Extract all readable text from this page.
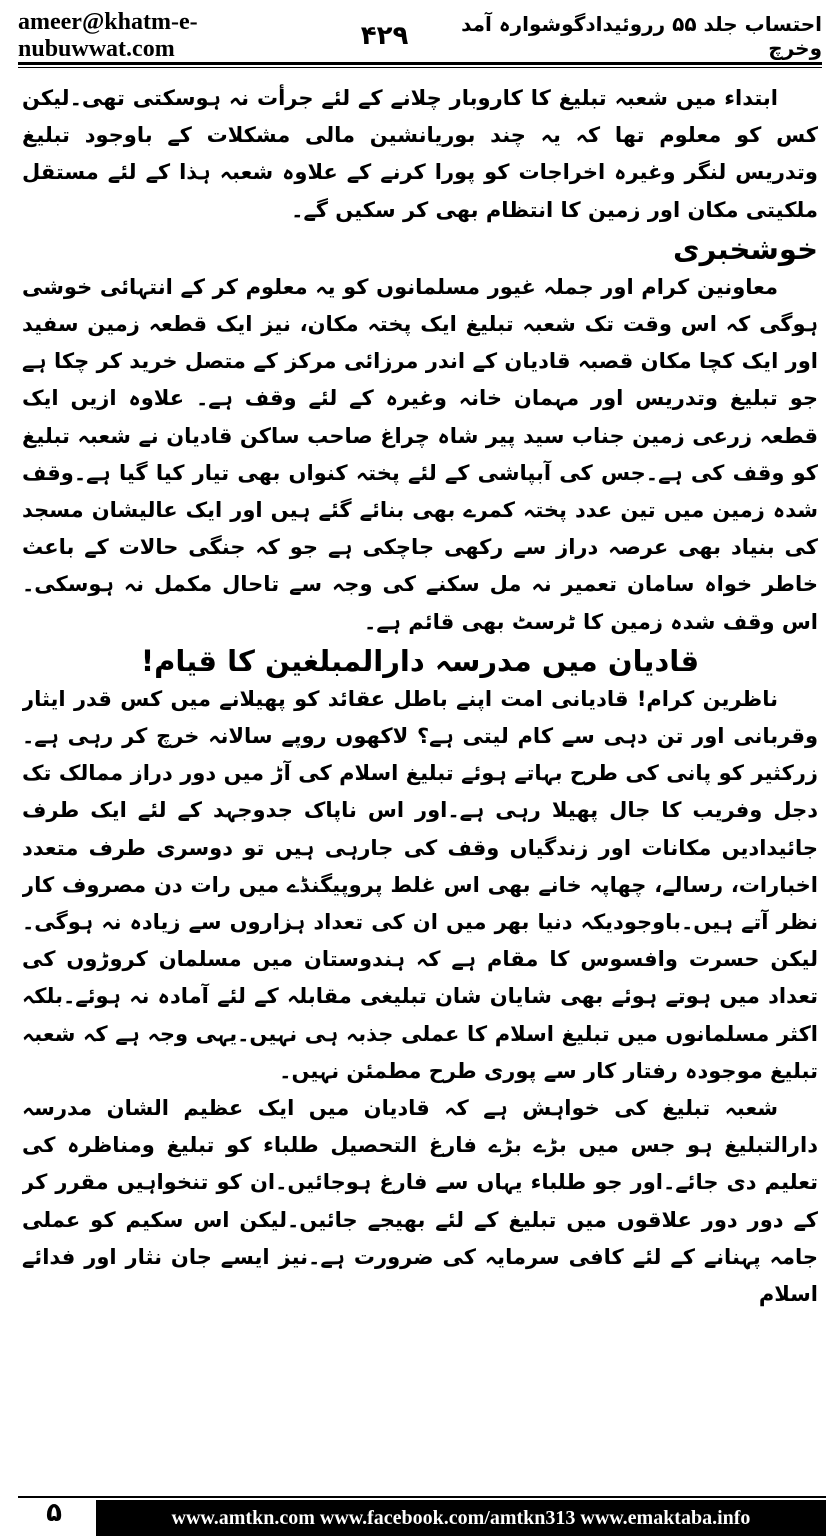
ameer@khatm-e-nubuwwat.com	۴۲۹	احتساب جلد ۵۵ رروئیدادگوشوارہ آمد وخرچ

ابتداء میں شعبہ تبلیغ کا کاروبار چلانے کے لئے جرأت نہ ہوسکتی تھی۔لیکن کس کو معلوم تھا کہ یہ چند بوریانشین مالی مشکلات کے باوجود تبلیغ وتدریس لنگر وغیرہ اخراجات کو پورا کرنے کے علاوہ شعبہ ہذا کے لئے مستقل ملکیتی مکان اور زمین کا انتظام بھی کر سکیں گے۔

خوشخبری

معاونین کرام اور جملہ غیور مسلمانوں کو یہ معلوم کر کے انتہائی خوشی ہوگی کہ اس وقت تک شعبہ تبلیغ ایک پختہ مکان، نیز ایک قطعہ زمین سفید اور ایک کچا مکان قصبہ قادیان کے اندر مرزائی مرکز کے متصل خرید کر چکا ہے جو تبلیغ وتدریس اور مہمان خانہ وغیرہ کے لئے وقف ہے۔ علاوہ ازیں ایک قطعہ زرعی زمین جناب سید پیر شاہ چراغ صاحب ساکن قادیان نے شعبہ تبلیغ کو وقف کی ہے۔جس کی آبپاشی کے لئے پختہ کنواں بھی تیار کیا گیا ہے۔وقف شدہ زمین میں تین عدد پختہ کمرے بھی بنائے گئے ہیں اور ایک عالیشان مسجد کی بنیاد بھی عرصہ دراز سے رکھی جاچکی ہے جو کہ جنگی حالات کے باعث خاطر خواہ سامان تعمیر نہ مل سکنے کی وجہ سے تاحال مکمل نہ ہوسکی۔اس وقف شدہ زمین کا ٹرسٹ بھی قائم ہے۔

قادیان میں مدرسہ دارالمبلغین کا قیام!

ناظرین کرام! قادیانی امت اپنے باطل عقائد کو پھیلانے میں کس قدر ایثار وقربانی اور تن دہی سے کام لیتی ہے؟ لاکھوں روپے سالانہ خرچ کر رہی ہے۔زرکثیر کو پانی کی طرح بہاتے ہوئے تبلیغ اسلام کی آڑ میں دور دراز ممالک تک دجل وفریب کا جال پھیلا رہی ہے۔اور اس ناپاک جدوجہد کے لئے ایک طرف جائیدادیں مکانات اور زندگیاں وقف کی جارہی ہیں تو دوسری طرف متعدد اخبارات، رسالے، چھاپہ خانے بھی اس غلط پروپیگنڈے میں رات دن مصروف کار نظر آتے ہیں۔باوجودیکہ دنیا بھر میں ان کی تعداد ہزاروں سے زیادہ نہ ہوگی۔لیکن حسرت وافسوس کا مقام ہے کہ ہندوستان میں مسلمان کروڑوں کی تعداد میں ہوتے ہوئے بھی شایان شان تبلیغی مقابلہ کے لئے آمادہ نہ ہوئے۔بلکہ اکثر مسلمانوں میں تبلیغ اسلام کا عملی جذبہ ہی نہیں۔یہی وجہ ہے کہ شعبہ تبلیغ موجودہ رفتار کار سے پوری طرح مطمئن نہیں۔

شعبہ تبلیغ کی خواہش ہے کہ قادیان میں ایک عظیم الشان مدرسہ دارالتبلیغ ہو جس میں بڑے بڑے فارغ التحصیل طلباء کو تبلیغ ومناظرہ کی تعلیم دی جائے۔اور جو طلباء یہاں سے فارغ ہوجائیں۔ان کو تنخواہیں مقرر کر کے دور دور علاقوں میں تبلیغ کے لئے بھیجے جائیں۔لیکن اس سکیم کو عملی جامہ پہنانے کے لئے کافی سرمایہ کی ضرورت ہے۔نیز ایسے جان نثار اور فدائے اسلام

۵	www.amtkn.com www.facebook.com/amtkn313 www.emaktaba.info
